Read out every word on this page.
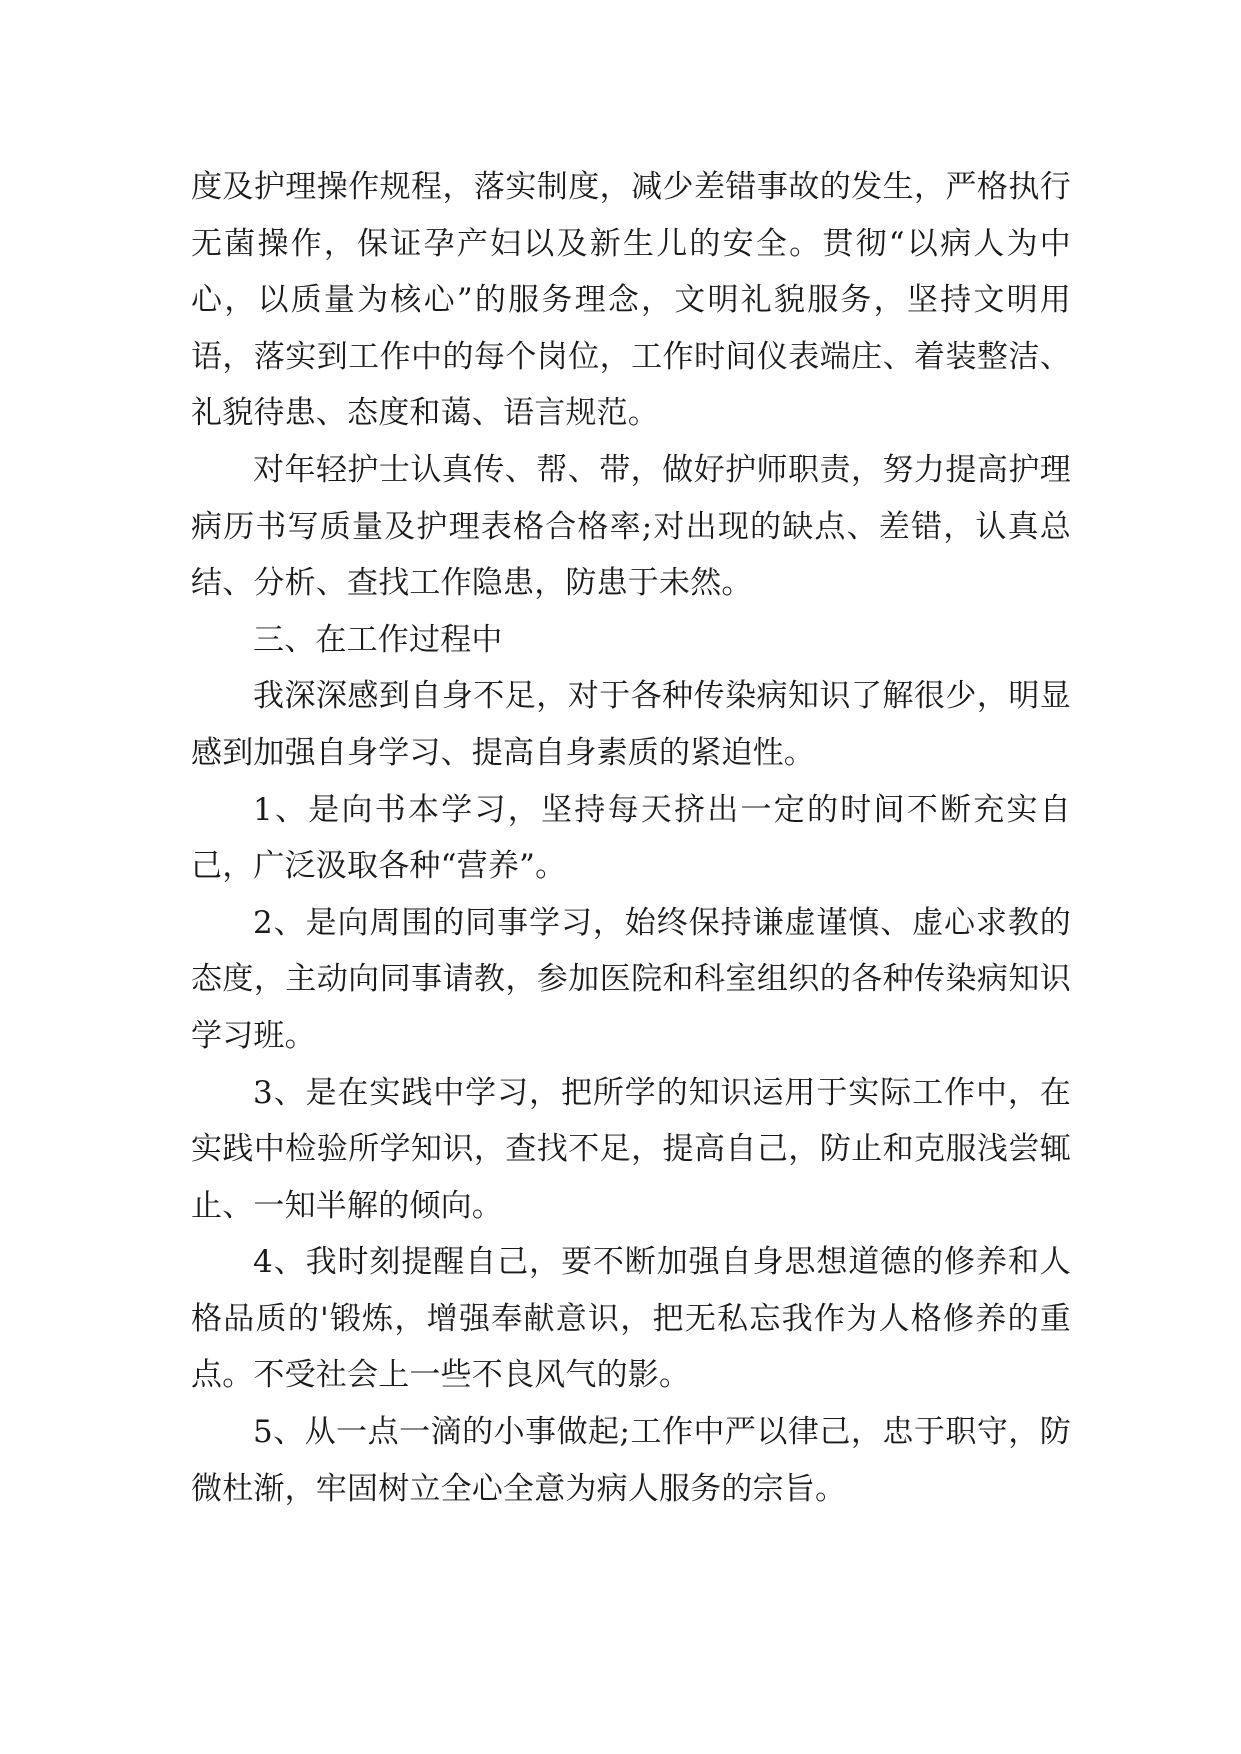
度及护理操作规程，落实制度，减少差错事故的发生，严格执行无菌操作，保证孕产妇以及新生儿的安全。贯彻“以病人为中心，以质量为核心”的服务理念，文明礼貌服务，坚持文明用语，落实到工作中的每个岗位，工作时间仪表端庄、着装整洁、礼貌待患、态度和蔼、语言规范。

对年轻护士认真传、帮、带，做好护师职责，努力提高护理病历书写质量及护理表格合格率;对出现的缺点、差错，认真总结、分析、查找工作隐患，防患于未然。

三、在工作过程中

我深深感到自身不足，对于各种传染病知识了解很少，明显感到加强自身学习、提高自身素质的紧迫性。

1、是向书本学习，坚持每天挤出一定的时间不断充实自己，广泛汲取各种“营养”。

2、是向周围的同事学习，始终保持谦虚谨慎、虚心求教的态度，主动向同事请教，参加医院和科室组织的各种传染病知识学习班。

3、是在实践中学习，把所学的知识运用于实际工作中，在实践中检验所学知识，查找不足，提高自己，防止和克服浅尝辄止、一知半解的倾向。

4、我时刻提醒自己，要不断加强自身思想道德的修养和人格品质的'锻炼，增强奉献意识，把无私忘我作为人格修养的重点。不受社会上一些不良风气的影。

5、从一点一滴的小事做起;工作中严以律己，忠于职守，防微杜渐，牢固树立全心全意为病人服务的宗旨。
